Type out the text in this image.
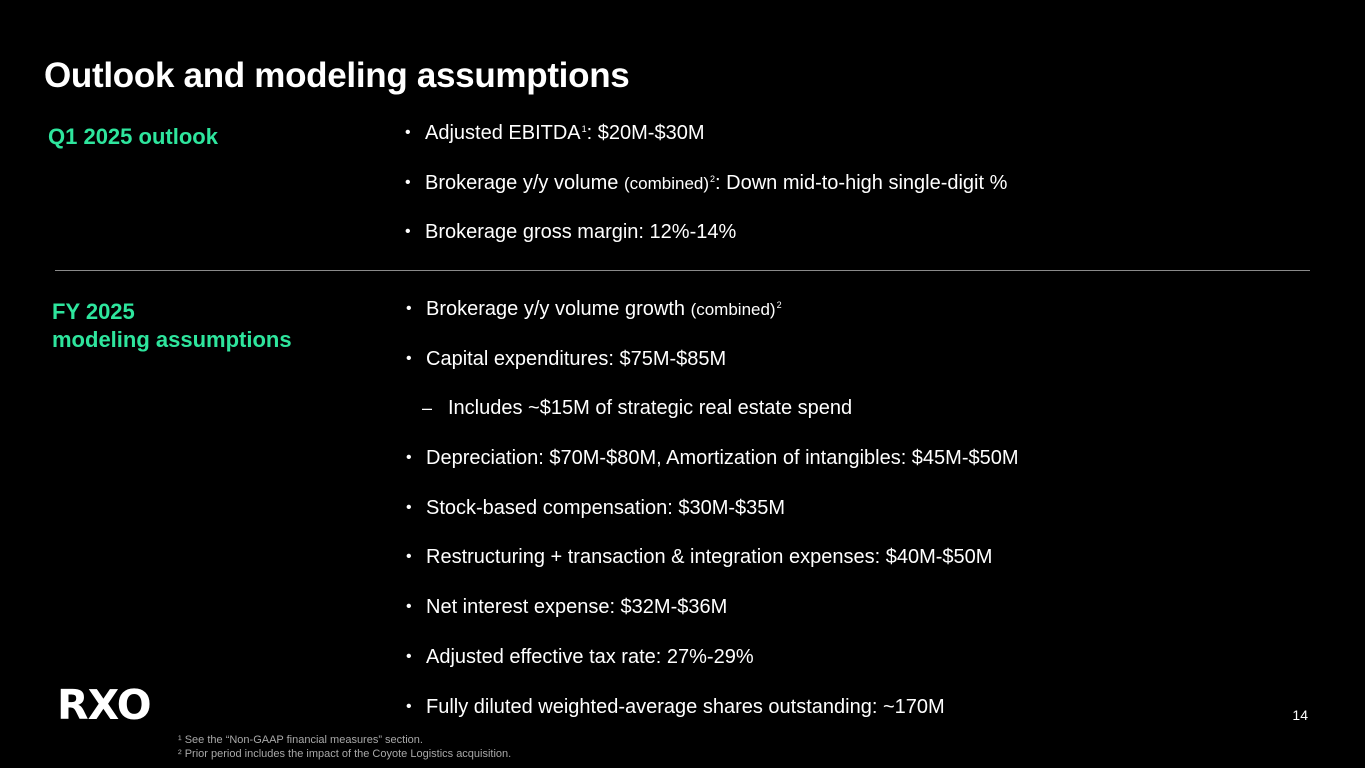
Outlook and modeling assumptions
Q1 2025 outlook	• Adjusted EBITDA$^1$: $20M-$30M
• Brokerage y/y volume (combined)$^2$: Down mid-to-high single-digit %
• Brokerage gross margin: 12%-14%
FY 2025
modeling assumptions
• Brokerage y/y volume growth (combined)$^2$
• Capital expenditures: $75M-$85M
– Includes ~$15M of strategic real estate spend
• Depreciation: $70M-$80M, Amortization of intangibles: $45M-$50M
• Stock-based compensation: $30M-$35M
• Restructuring + transaction & integration expenses: $40M-$50M
• Net interest expense: $32M-$36M
• Adjusted effective tax rate: 27%-29%
• Fully diluted weighted-average shares outstanding: ~170M
RXO	14
¹ See the “Non-GAAP financial measures” section.
² Prior period includes the impact of the Coyote Logistics acquisition.
